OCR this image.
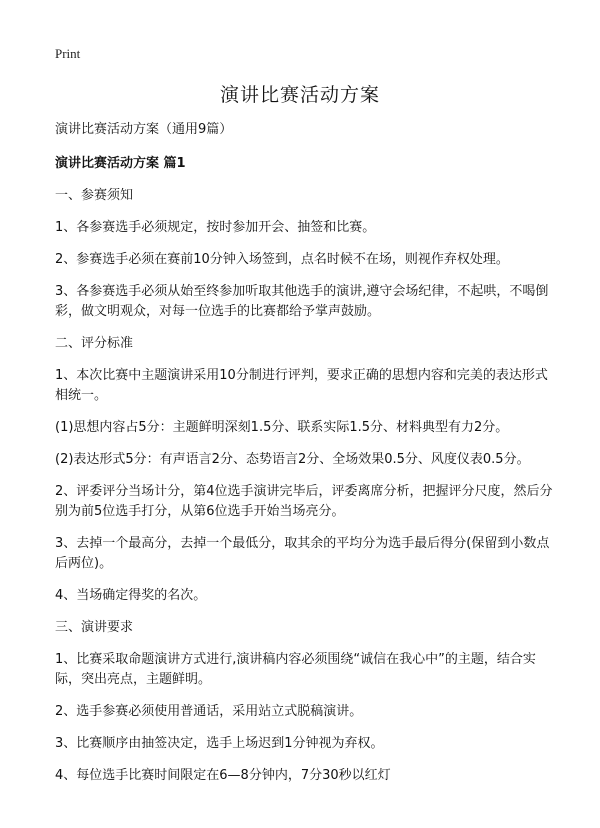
Print
演讲比赛活动方案

演讲比赛活动方案（通用9篇）

演讲比赛活动方案 篇1

一、参赛须知

1、各参赛选手必须规定，按时参加开会、抽签和比赛。

2、参赛选手必须在赛前10分钟入场签到，点名时候不在场，则视作弃权处理。

3、各参赛选手必须从始至终参加听取其他选手的演讲,遵守会场纪律，不起哄，不喝倒彩，做文明观众，对每一位选手的比赛都给予掌声鼓励。

二、评分标准

1、本次比赛中主题演讲采用10分制进行评判，要求正确的思想内容和完美的表达形式相统一。

(1)思想内容占5分：主题鲜明深刻1.5分、联系实际1.5分、材料典型有力2分。

(2)表达形式5分：有声语言2分、态势语言2分、全场效果0.5分、风度仪表0.5分。

2、评委评分当场计分，第4位选手演讲完毕后，评委离席分析，把握评分尺度，然后分别为前5位选手打分，从第6位选手开始当场亮分。

3、去掉一个最高分，去掉一个最低分，取其余的平均分为选手最后得分(保留到小数点后两位)。

4、当场确定得奖的名次。

三、演讲要求

1、比赛采取命题演讲方式进行,演讲稿内容必须围绕“诚信在我心中”的主题，结合实际，突出亮点，主题鲜明。

2、选手参赛必须使用普通话，采用站立式脱稿演讲。

3、比赛顺序由抽签决定，选手上场迟到1分钟视为弃权。

4、每位选手比赛时间限定在6—8分钟内，7分30秒以红灯
